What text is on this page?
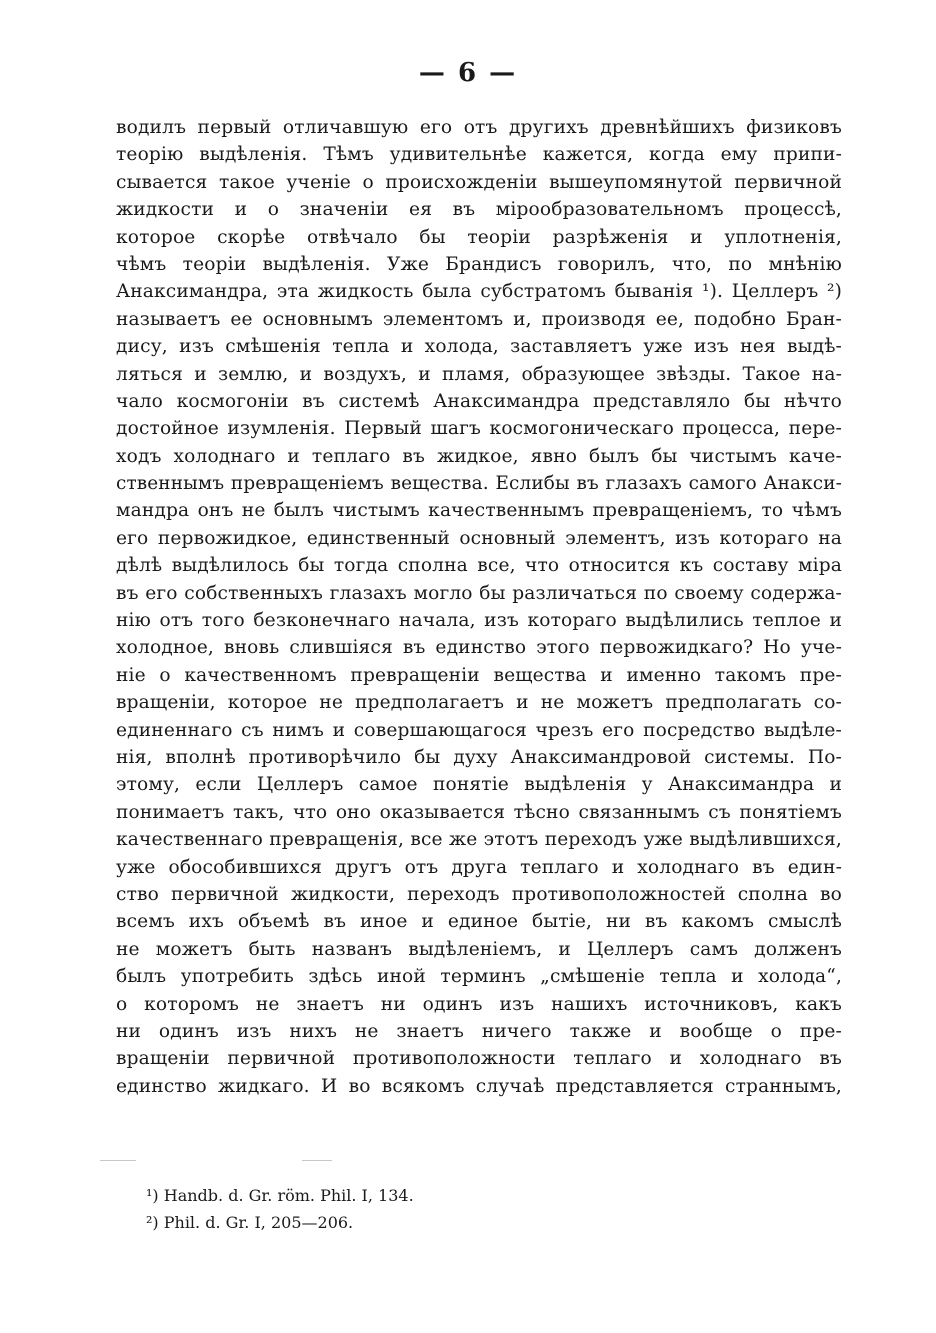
— 6 —
водилъ первый отличавшую его отъ другихъ древнѣйшихъ физиковъ
теорію выдѣленія. Тѣмъ удивительнѣе кажется, когда ему припи-
сывается такое ученіе о происхожденіи вышеупомянутой первичной
жидкости и о значеніи ея въ мірообразовательномъ процессѣ,
которое скорѣе отвѣчало бы теоріи разрѣженія и уплотненія,
чѣмъ теоріи выдѣленія. Уже Брандисъ говорилъ, что, по мнѣнію
Анаксимандра, эта жидкость была субстратомъ быванія ¹). Целлеръ ²)
называетъ ее основнымъ элементомъ и, производя ее, подобно Бран-
дису, изъ смѣшенія тепла и холода, заставляетъ уже изъ нея выдѣ-
ляться и землю, и воздухъ, и пламя, образующее звѣзды. Такое на-
чало космогоніи въ системѣ Анаксимандра представляло бы нѣчто
достойное изумленія. Первый шагъ космогоническаго процесса, пере-
ходъ холоднаго и теплаго въ жидкое, явно былъ бы чистымъ каче-
ственнымъ превращеніемъ вещества. Еслибы въ глазахъ самого Анакси-
мандра онъ не былъ чистымъ качественнымъ превращеніемъ, то чѣмъ
его первожидкое, единственный основный элементъ, изъ котораго на
дѣлѣ выдѣлилось бы тогда сполна все, что относится къ составу міра
въ его собственныхъ глазахъ могло бы различаться по своему содержа-
нію отъ того безконечнаго начала, изъ котораго выдѣлились теплое и
холодное, вновь слившіяся въ единство этого первожидкаго? Но уче-
ніе о качественномъ превращеніи вещества и именно такомъ пре-
вращеніи, которое не предполагаетъ и не можетъ предполагать со-
единеннаго съ нимъ и совершающагося чрезъ его посредство выдѣле-
нія, вполнѣ противорѣчило бы духу Анаксимандровой системы. По-
этому, если Целлеръ самое понятіе выдѣленія у Анаксимандра и
понимаетъ такъ, что оно оказывается тѣсно связаннымъ съ понятіемъ
качественнаго превращенія, все же этотъ переходъ уже выдѣлившихся,
уже обособившихся другъ отъ друга теплаго и холоднаго въ един-
ство первичной жидкости, переходъ противоположностей сполна во
всемъ ихъ объемѣ въ иное и единое бытіе, ни въ какомъ смыслѣ
не можетъ быть названъ выдѣленіемъ, и Целлеръ самъ долженъ
былъ употребить здѣсь иной терминъ „смѣшеніе тепла и холода“,
о которомъ не знаетъ ни одинъ изъ нашихъ источниковъ, какъ
ни одинъ изъ нихъ не знаетъ ничего также и вообще о пре-
вращеніи первичной противоположности теплаго и холоднаго въ
единство жидкаго. И во всякомъ случаѣ представляется страннымъ,
¹) Handb. d. Gr. röm. Phil. I, 134.
²) Phil. d. Gr. I, 205—206.
